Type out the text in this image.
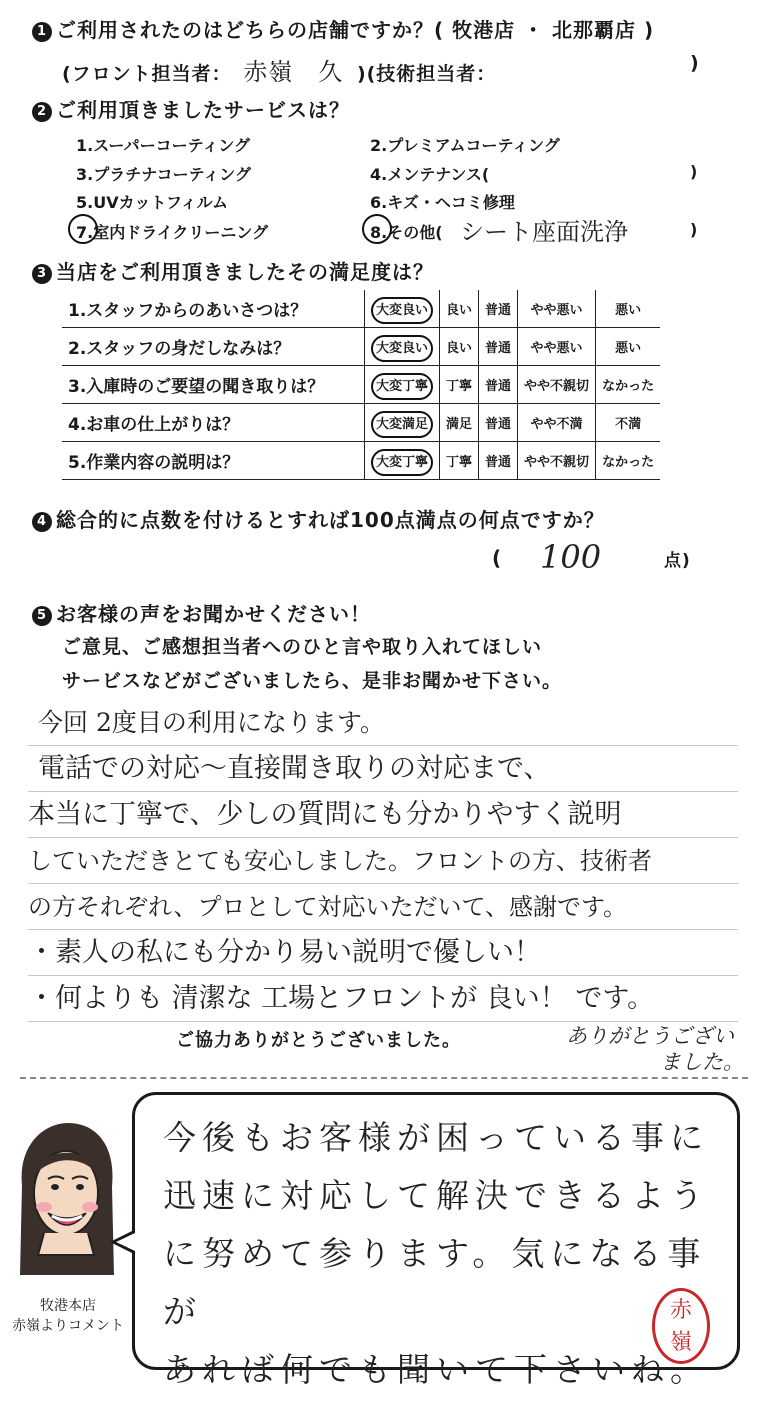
1 ご利用されたのはどちらの店舗ですか？( 牧港店 ・ 北那覇店 )
(フロント担当者： 赤嶺　久 )(技術担当者：	)
2 ご利用頂きましたサービスは？
1.スーパーコーティング	2.プレミアムコーティング
3.プラチナコーティング	4.メンテナンス(	)
5.UVカットフィルム	6.キズ・ヘコミ修理
7.室内ドライクリーニング	8.その他( シート座面洗浄	)
3 当店をご利用頂きましたその満足度は？
1.スタッフからのあいさつは？	大変良い	良い	普通	やや悪い	悪い
2.スタッフの身だしなみは？	大変良い	良い	普通	やや悪い	悪い
3.入庫時のご要望の聞き取りは？	大変丁寧	丁寧	普通	やや不親切	なかった
4.お車の仕上がりは？	大変満足	満足	普通	やや不満	不満
5.作業内容の説明は？	大変丁寧	丁寧	普通	やや不親切	なかった
4 総合的に点数を付けるとすれば100点満点の何点ですか？
( 100	点)
5 お客様の声をお聞かせください！
ご意見、ご感想担当者へのひと言や取り入れてほしい
サービスなどがございましたら、是非お聞かせ下さい。
今回 2度目の利用になります。
電話での対応〜直接聞き取りの対応まで、
本当に丁寧で、少しの質問にも分かりやすく説明
していただきとても安心しました。フロントの方、技術者
の方それぞれ、プロとして対応いただいて、感謝です。
・素人の私にも分かり易い説明で優しい！
・何よりも 清潔な 工場とフロントが 良い！ です。
ご協力ありがとうございました。	ありがとうござい
ました。
牧港本店
赤嶺よりコメント
今後もお客様が困っている事に
迅速に対応して解決できるよう
に努めて参ります。気になる事が
あれば何でも聞いて下さいね。
赤嶺
